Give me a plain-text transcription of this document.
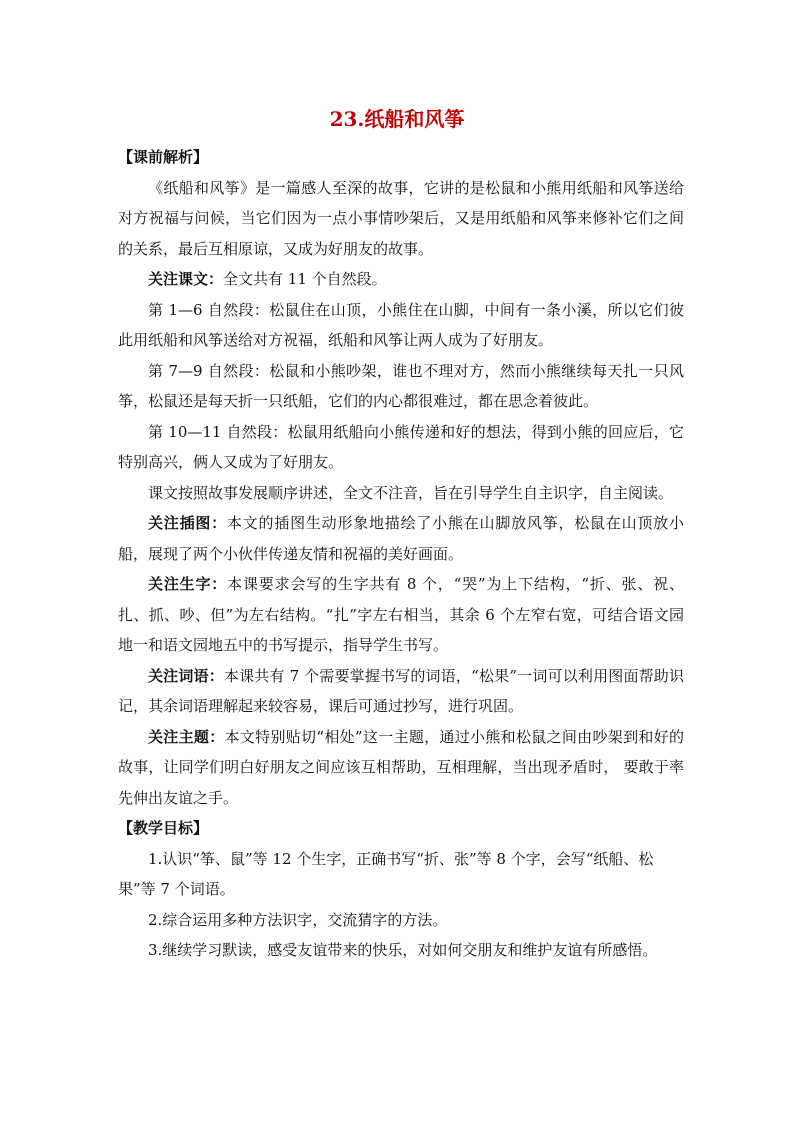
23.纸船和风筝

【课前解析】

《纸船和风筝》是一篇感人至深的故事，它讲的是松鼠和小熊用纸船和风筝送给对方祝福与问候，当它们因为一点小事情吵架后，又是用纸船和风筝来修补它们之间的关系，最后互相原谅，又成为好朋友的故事。

关注课文：全文共有 11 个自然段。

第 1—6 自然段：松鼠住在山顶，小熊住在山脚，中间有一条小溪，所以它们彼此用纸船和风筝送给对方祝福，纸船和风筝让两人成为了好朋友。

第 7—9 自然段：松鼠和小熊吵架，谁也不理对方，然而小熊继续每天扎一只风筝，松鼠还是每天折一只纸船，它们的内心都很难过，都在思念着彼此。

第 10—11 自然段：松鼠用纸船向小熊传递和好的想法，得到小熊的回应后，它特别高兴，俩人又成为了好朋友。

课文按照故事发展顺序讲述，全文不注音，旨在引导学生自主识字，自主阅读。

关注插图：本文的插图生动形象地描绘了小熊在山脚放风筝，松鼠在山顶放小船，展现了两个小伙伴传递友情和祝福的美好画面。

关注生字：本课要求会写的生字共有 8 个，“哭”为上下结构，“折、张、祝、扎、抓、吵、但”为左右结构。“扎”字左右相当，其余 6 个左窄右宽，可结合语文园地一和语文园地五中的书写提示，指导学生书写。

关注词语：本课共有 7 个需要掌握书写的词语，“松果”一词可以利用图面帮助识记，其余词语理解起来较容易，课后可通过抄写，进行巩固。

关注主题：本文特别贴切“相处”这一主题，通过小熊和松鼠之间由吵架到和好的故事，让同学们明白好朋友之间应该互相帮助，互相理解，当出现矛盾时， 要敢于率先伸出友谊之手。

【教学目标】

1.认识“筝、鼠”等 12 个生字，正确书写“折、张”等 8 个字，会写“纸船、松果”等 7 个词语。

2.综合运用多种方法识字，交流猜字的方法。

3.继续学习默读，感受友谊带来的快乐，对如何交朋友和维护友谊有所感悟。
